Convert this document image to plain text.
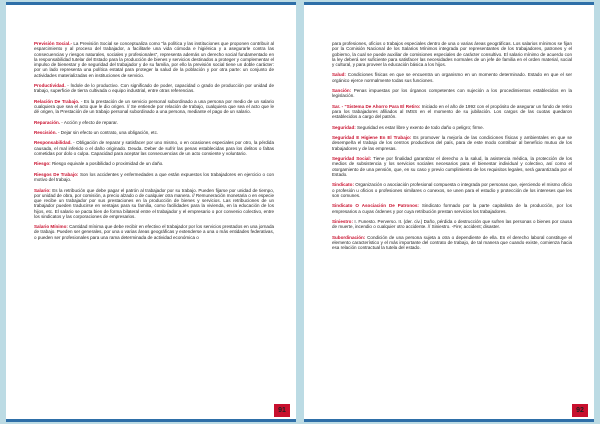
Previsión Social.- La Previsión Social se conceptualiza como "la política y las instituciones que proponen contribuir al esparcimiento y al proceso del trabajador, a facilitarle una vida cómoda e higiénica y a asegurarle contra las consecuencias y riesgos naturales, sociales y profesionales", representa además un derecho social fundamentado en la responsabilidad tutelar del Estado para la producción de bienes y servicios destinados a proteger y complementar el impulso de bienestar y de seguridad del trabajador y de su familia, por ello la previsión social tiene un doble carácter: por un lado representa una política estatal para proteger la salud de la población y por otra parte: un conjunto de actividades materializadas en instituciones de servicio.

Productividad. - Índole de lo productivo. Con significado de poder, capacidad o grado de producción por unidad de trabajo, superficie de tierra cultivada o equipo industrial, entre otras referencias.

Relación De Trabajo. - Es la prestación de un servicio personal subordinado a una persona por medio de un salario cualquiera que sea el acto que le dio origen. // Se entiende por relación de trabajo, cualquiera que sea el acto que le dé origen, la Prestación de un trabajo personal subordinado a una persona, mediante el pago de un salario.

Reparación. - Acción y efecto de reparar.

Rescisión. - Dejar sin efecto un contrato, una obligación, etc.

Responsabilidad. - Obligación de reparar y satisfacer por uno mismo, o en ocasiones especiales por otro, la pérdida causada, el mal inferido o el daño originado. Deuda. Deber de sufrir las penas establecidas para los delitos o faltas cometidas por dolo o culpa. Capacidad para aceptar las consecuencias de un acto consiente y voluntario.

Riesgo: Riesgo equivale a posibilidad o proximidad de un daño.

Riesgos De Trabajo: Son los accidentes y enfermedades a que están expuestos los trabajadores en ejercicio o con motivo del trabajo.

Salario: Es la retribución que debe pagar el patrón al trabajador por su trabajo. Pueden fijarse por unidad de tiempo, por unidad de obra, por comisión, a precio alzado o de cualquier otra manera. // Remuneración monetaria o en especie que recibe un trabajador por sus prestaciones en la producción de bienes y servicios. Las retribuciones de un trabajador pueden traducirse en ventajas para su familia, como facilidades para la vivienda, en la educación de los hijos, etc. El salario se pacta bien de forma bilateral entre el trabajador y el empresario o por convenio colectivo, entre los sindicatos y las corporaciones de empresarios.

Salario Mínimo: Cantidad mínima que debe recibir en efectivo el trabajador por los servicios prestados en una jornada de trabajo. Pueden ser generales, por una o varias áreas geográficas y extenderse a una o más entidades federativas, o pueden ser profesionales para una rama determinada de actividad económica o

91

para profesiones, oficios o trabajos especiales dentro de una o varias áreas geográficas. Los salarios mínimos se fijan por la Comisión Nacional de los Salarios Mínimos integrada por representantes de los trabajadores, patrones y el gobierno, la cual se puede auxiliar de comisiones especiales de carácter consultivo. El salario mínimo de acuerdo con la ley deberá ser suficiente para satisfacer las necesidades normales de un jefe de familia en el orden material, social y cultural, y para proveer la educación básica a los hijos.

Salud: Condiciones físicas en que se encuentra un organismo en un momento determinado. Estado en que el ser orgánico ejerce normalmente todas sus funciones.

Sanción: Penas impuestas por los órganos competentes con sujeción a los procedimientos establecidos en la legislación.

Sar. - "Sistema De Ahorro Para El Retiro: Iniciado en el año de 1992 con el propósito de asegurar un fondo de retiro para los trabajadores afiliados al IMSS en el momento de su jubilación. Los cargos de las cuotas quedaron establecidos a cargo del patrón.

Seguridad: Seguridad es estar libre y exento de todo daño o peligro; firme.

Seguridad E Higiene En El Trabajo: Es promover la mejoría de las condiciones físicas y ambientales en que se desempeña el trabajo de los centros productivos del país, para de este modo contribuir al beneficio mutuo de los trabajadores y de las empresas.

Seguridad Social: Tiene por finalidad garantizar el derecho a la salud, la asistencia médica, la protección de los medios de subsistencia y los servicios sociales necesarios para el bienestar individual y colectivo, así como el otorgamiento de una pensión, que, en su caso y previo cumplimiento de los requisitos legales, será garantizada por el Estado.

Sindicato: Organización o asociación profesional compuesta o integrada por personas que, ejerciendo el mismo oficio o profesión u oficios o profesiones similares o conexos, se unen para el estudio y protección de los intereses que les son comunes.

Sindicato O Asociación De Patronos: Sindicato formado por la parte capitalista de la producción, por los empresarios a cuyas órdenes y por cuya retribución prestan servicios los trabajadores.

Siniestro: I. Funesto. Perverso. II. (der. civ.) Daño, pérdida o destrucción que sufren las personas o bienes por causa de muerte, incendio o cualquier otro accidente. // Siniestro. -Fire; accident; disaster.

Subordinación: Condición de una persona sujeta a otra o dependiente de ella. En el derecho laboral constituye el elemento característico y el más importante del contrato de trabajo, de tal manera que cuando existe, comienza hacia esa relación contractual la tutela del estado.

92
